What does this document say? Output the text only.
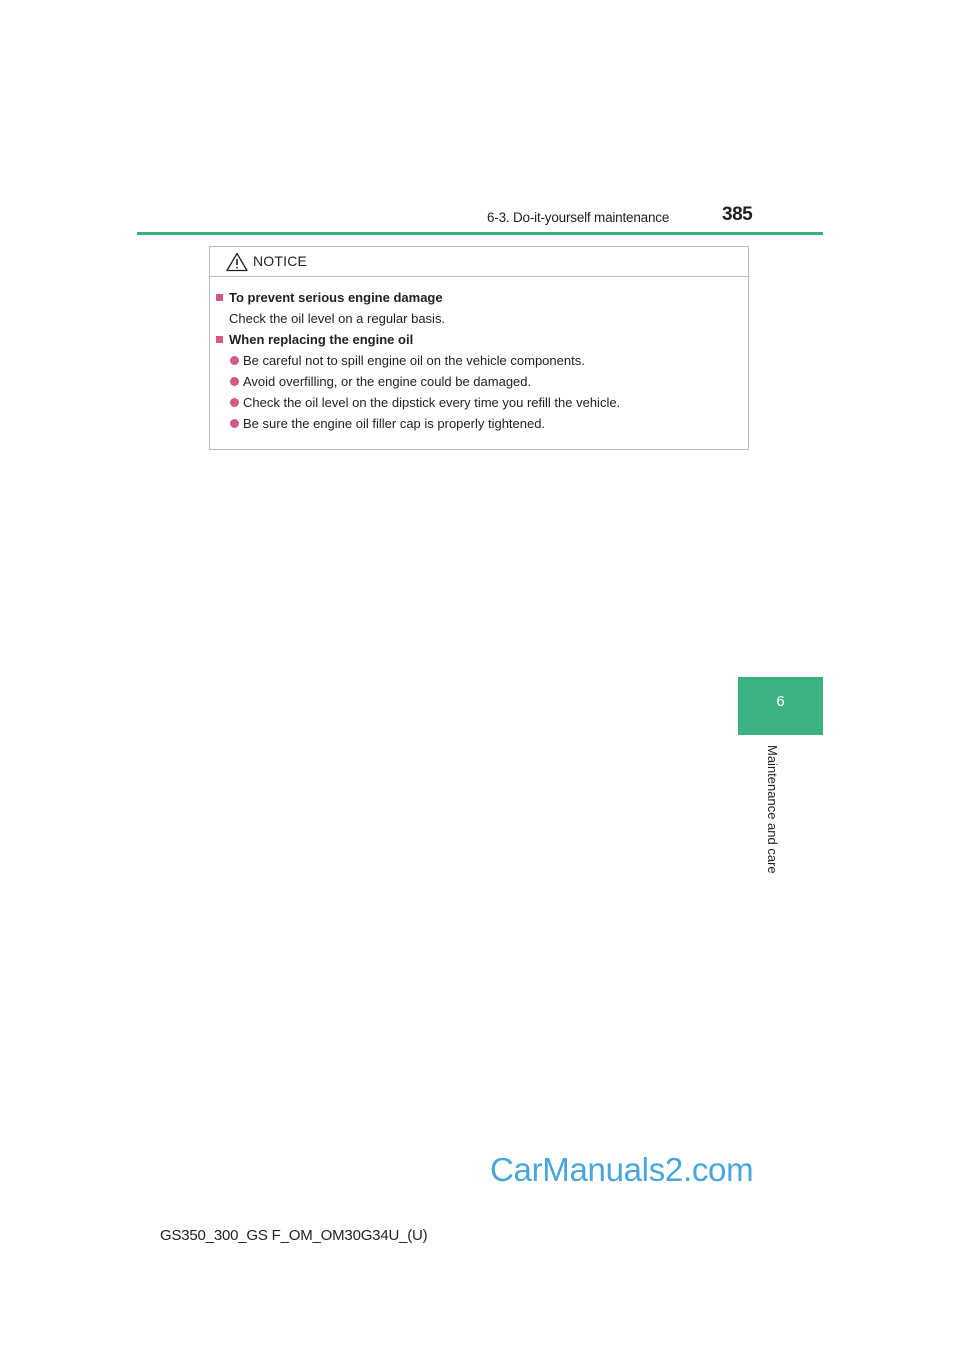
6-3. Do-it-yourself maintenance	385
6
Maintenance and care
NOTICE
To prevent serious engine damage
Check the oil level on a regular basis.
When replacing the engine oil
Be careful not to spill engine oil on the vehicle components.
Avoid overfilling, or the engine could be damaged.
Check the oil level on the dipstick every time you refill the vehicle.
Be sure the engine oil filler cap is properly tightened.
CarManuals2.com
GS350_300_GS F_OM_OM30G34U_(U)
